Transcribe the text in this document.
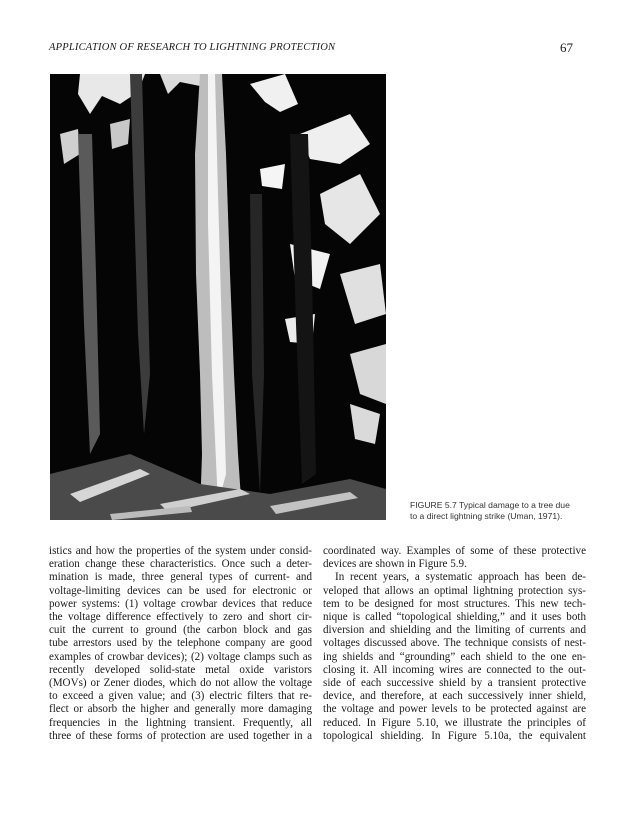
APPLICATION OF RESEARCH TO LIGHTNING PROTECTION	67
FIGURE 5.7 Typical damage to a tree due
to a direct lightning strike (Uman, 1971).

istics and how the properties of the system under consid-
eration change these characteristics. Once such a deter-
mination is made, three general types of current- and
voltage-limiting devices can be used for electronic or
power systems: (1) voltage crowbar devices that reduce
the voltage difference effectively to zero and short cir-
cuit the current to ground (the carbon block and gas
tube arrestors used by the telephone company are good
examples of crowbar devices); (2) voltage clamps such as
recently developed solid-state metal oxide varistors
(MOVs) or Zener diodes, which do not allow the voltage
to exceed a given value; and (3) electric filters that re-
flect or absorb the higher and generally more damaging
frequencies in the lightning transient. Frequently, all
three of these forms of protection are used together in a

coordinated way. Examples of some of these protective
devices are shown in Figure 5.9.

In recent years, a systematic approach has been de-
veloped that allows an optimal lightning protection sys-
tem to be designed for most structures. This new tech-
nique is called “topological shielding,” and it uses both
diversion and shielding and the limiting of currents and
voltages discussed above. The technique consists of nest-
ing shields and “grounding” each shield to the one en-
closing it. All incoming wires are connected to the out-
side of each successive shield by a transient protective
device, and therefore, at each successively inner shield,
the voltage and power levels to be protected against are
reduced. In Figure 5.10, we illustrate the principles of
topological shielding. In Figure 5.10a, the equivalent
